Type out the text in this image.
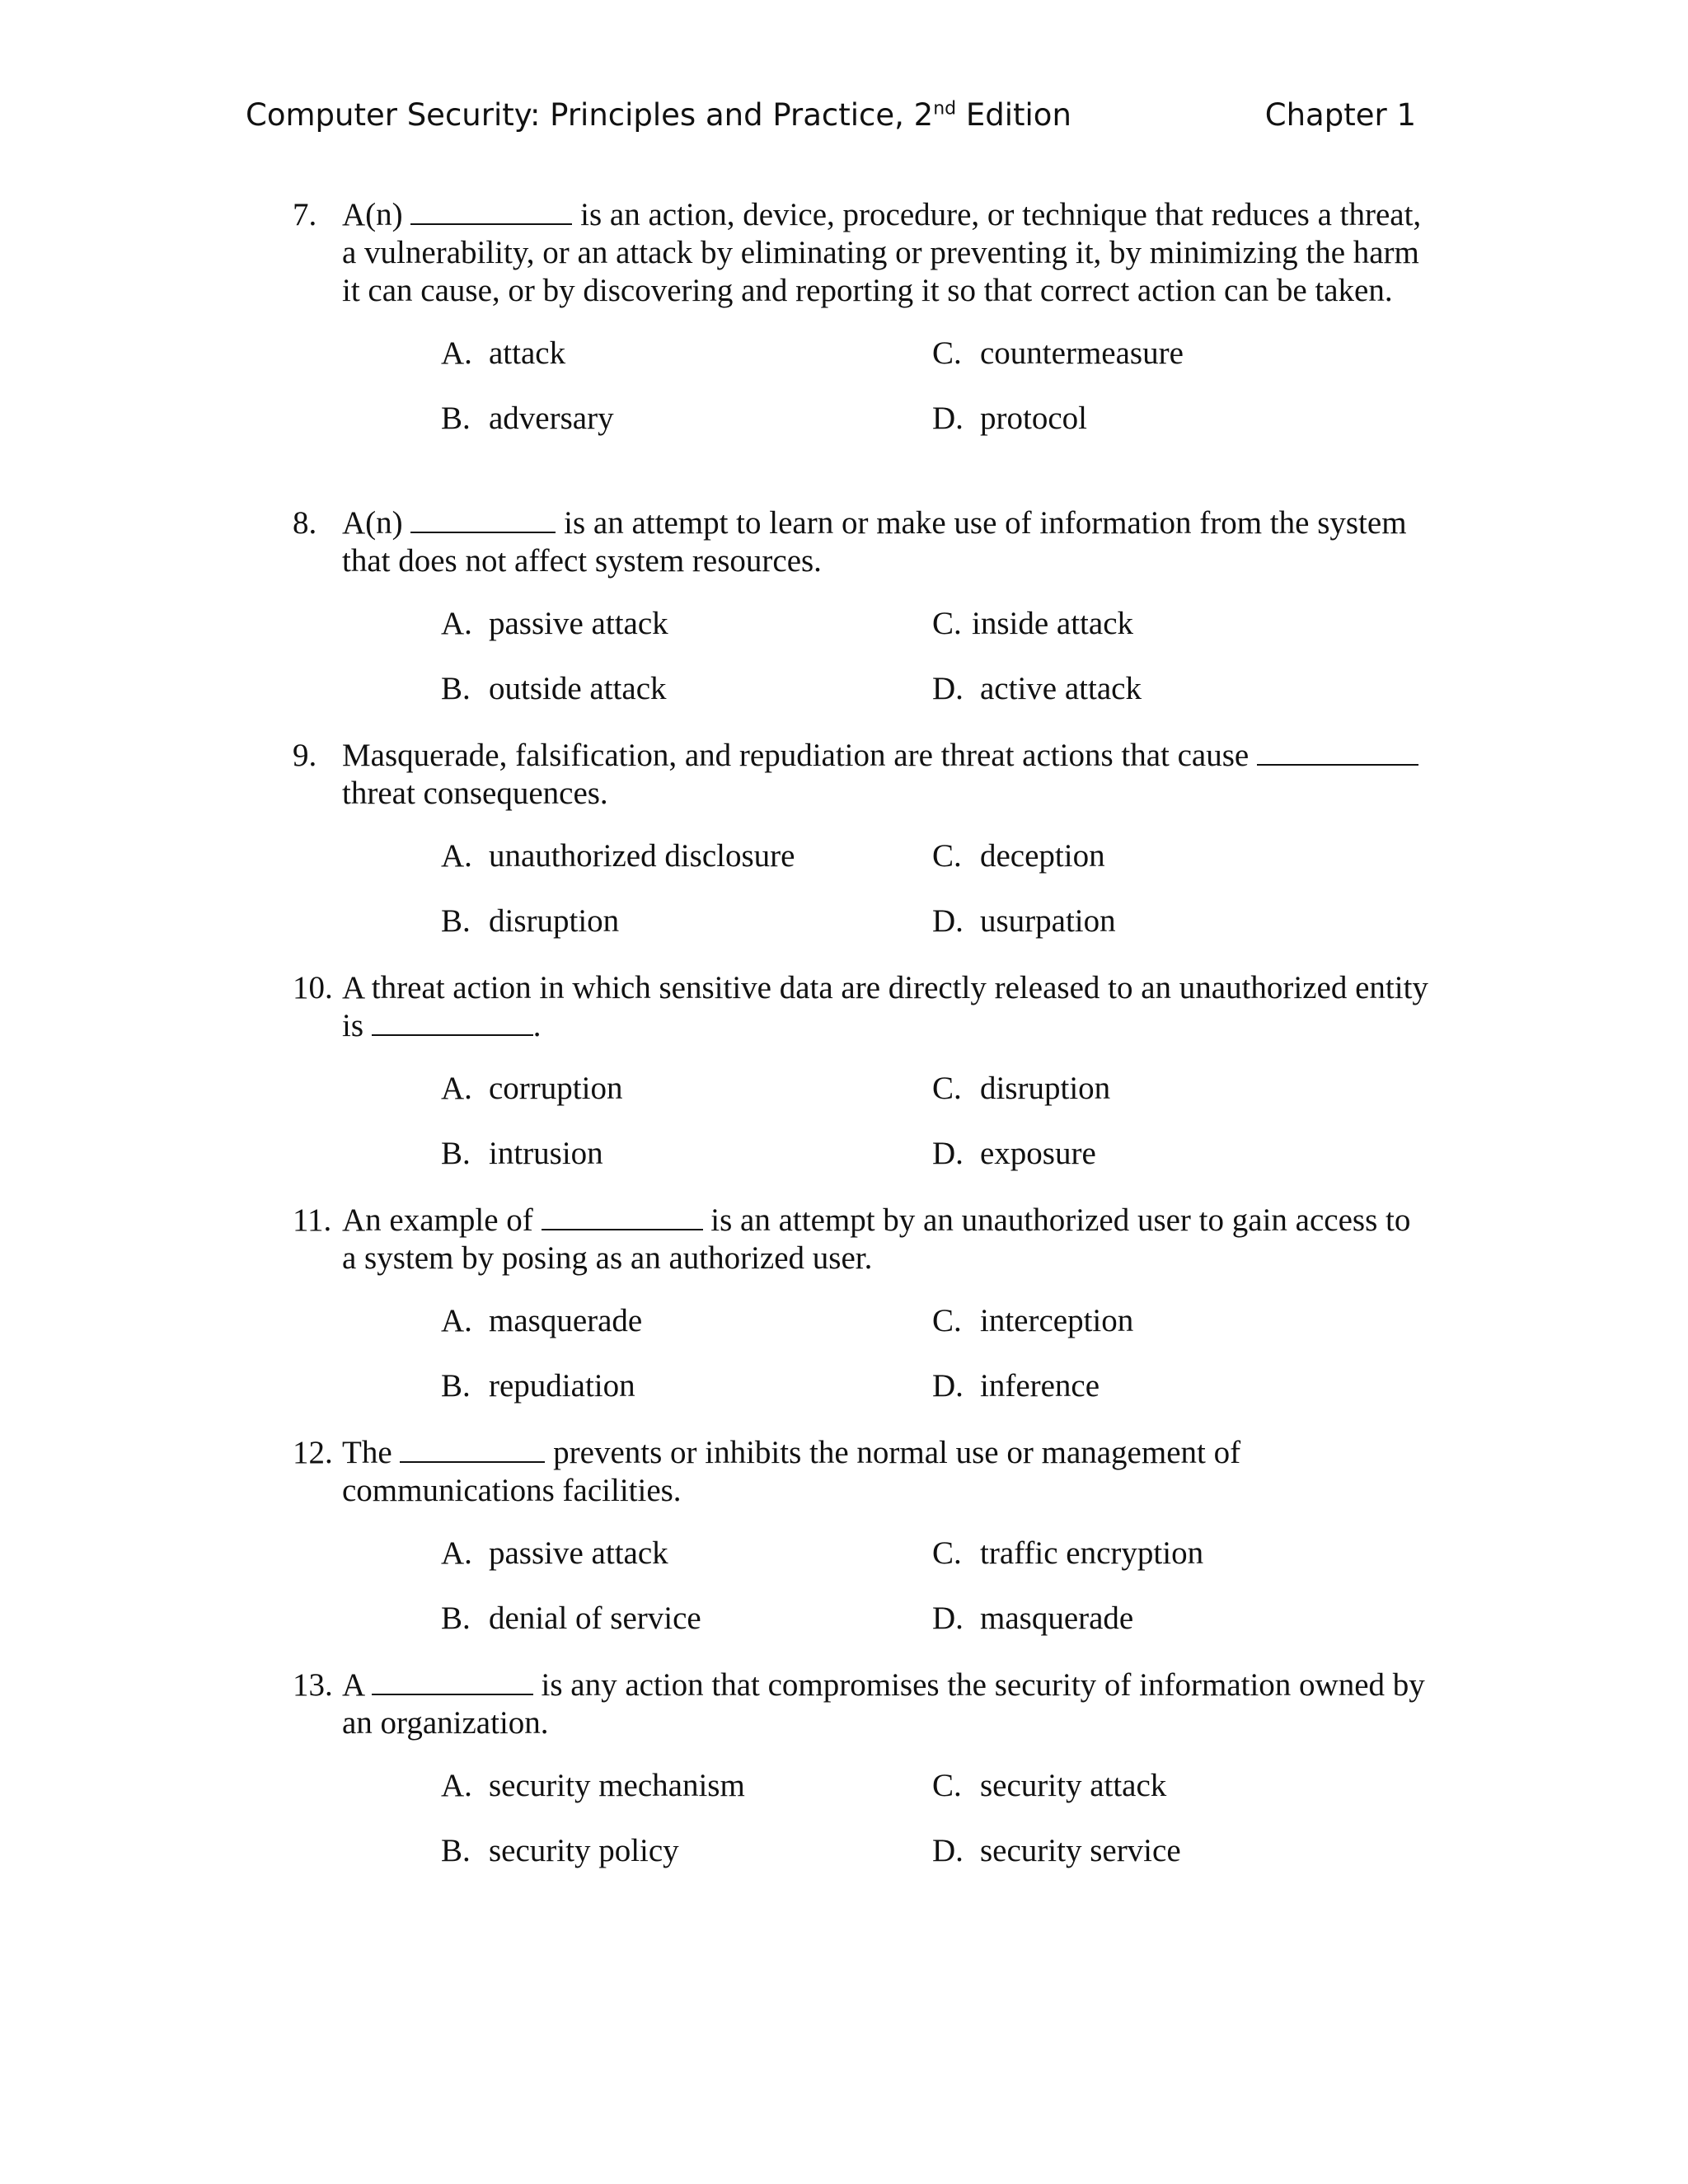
Computer Security: Principles and Practice, 2nd Edition	Chapter 1
7. A(n)	is an action, device, procedure, or technique that reduces a threat, a vulnerability, or an attack by eliminating or preventing it, by minimizing the harm it can cause, or by discovering and reporting it so that correct action can be taken.
A. attack
B. adversary
C. countermeasure
D. protocol
8. A(n)	is an attempt to learn or make use of information from the system that does not affect system resources.
A. passive attack
B. outside attack
C. inside attack
D. active attack
9. Masquerade, falsification, and repudiation are threat actions that cause  threat consequences.
A. unauthorized disclosure
B. disruption
C. deception
D. usurpation
10. A threat action in which sensitive data are directly released to an unauthorized entity is	.
A. corruption
B. intrusion
C. disruption
D. exposure
11. An example of	is an attempt by an unauthorized user to gain access to a system by posing as an authorized user.
A. masquerade
B. repudiation
C. interception
D. inference
12. The	prevents or inhibits the normal use or management of communications facilities.
A. passive attack
B. denial of service
C. traffic encryption
D. masquerade
13. A	is any action that compromises the security of information owned by an organization.
A. security mechanism
B. security policy
C. security attack
D. security service
